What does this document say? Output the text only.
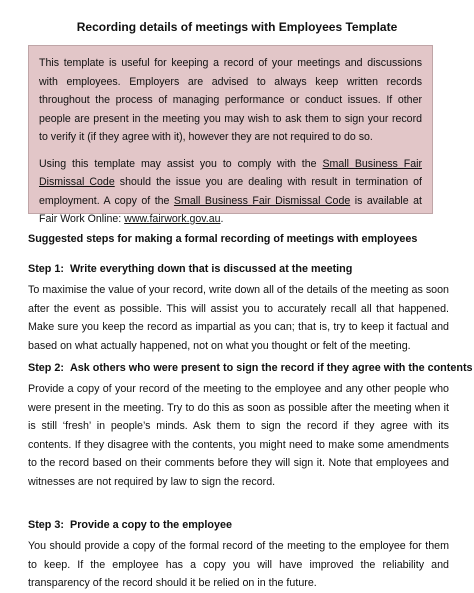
Recording details of meetings with Employees Template

This template is useful for keeping a record of your meetings and discussions with employees. Employers are advised to always keep written records throughout the process of managing performance or conduct issues. If other people are present in the meeting you may wish to ask them to sign your record to verify it (if they agree with it), however they are not required to do so.

Using this template may assist you to comply with the Small Business Fair Dismissal Code should the issue you are dealing with result in termination of employment. A copy of the Small Business Fair Dismissal Code is available at Fair Work Online: www.fairwork.gov.au.

Suggested steps for making a formal recording of meetings with employees
Step 1: Write everything down that is discussed at the meeting

To maximise the value of your record, write down all of the details of the meeting as soon after the event as possible. This will assist you to accurately recall all that happened. Make sure you keep the record as impartial as you can; that is, try to keep it factual and based on what actually happened, not on what you thought or felt of the meeting.

Step 2: Ask others who were present to sign the record if they agree with the contents

Provide a copy of your record of the meeting to the employee and any other people who were present in the meeting. Try to do this as soon as possible after the meeting when it is still ‘fresh’ in people’s minds. Ask them to sign the record if they agree with its contents. If they disagree with the contents, you might need to make some amendments to the record based on their comments before they will sign it. Note that employees and witnesses are not required by law to sign the record.

Step 3: Provide a copy to the employee

You should provide a copy of the formal record of the meeting to the employee for them to keep. If the employee has a copy you will have improved the reliability and transparency of the record should it be relied on in the future.
